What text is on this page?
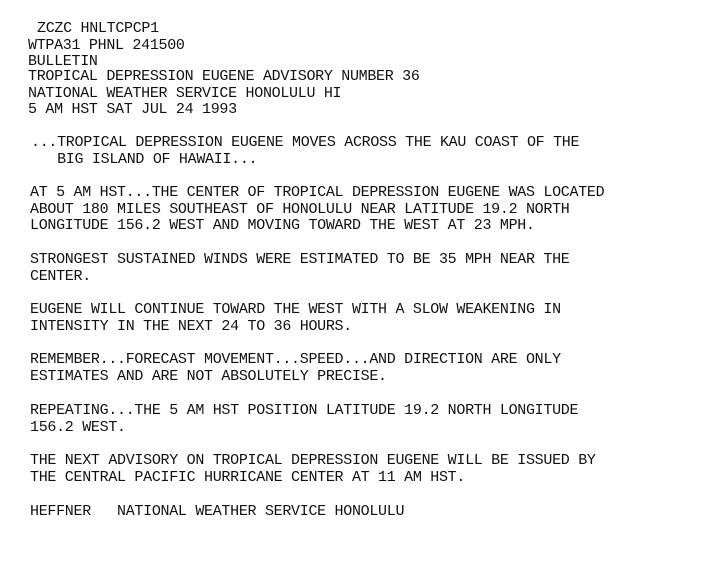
ZCZC HNLTCPCP1
WTPA31 PHNL 241500
BULLETIN
TROPICAL DEPRESSION EUGENE ADVISORY NUMBER 36
NATIONAL WEATHER SERVICE HONOLULU HI
5 AM HST SAT JUL 24 1993
...TROPICAL DEPRESSION EUGENE MOVES ACROSS THE KAU COAST OF THE
BIG ISLAND OF HAWAII...
AT 5 AM HST...THE CENTER OF TROPICAL DEPRESSION EUGENE WAS LOCATED
ABOUT 180 MILES SOUTHEAST OF HONOLULU NEAR LATITUDE 19.2 NORTH
LONGITUDE 156.2 WEST AND MOVING TOWARD THE WEST AT 23 MPH.
STRONGEST SUSTAINED WINDS WERE ESTIMATED TO BE 35 MPH NEAR THE
CENTER.
EUGENE WILL CONTINUE TOWARD THE WEST WITH A SLOW WEAKENING IN
INTENSITY IN THE NEXT 24 TO 36 HOURS.
REMEMBER...FORECAST MOVEMENT...SPEED...AND DIRECTION ARE ONLY
ESTIMATES AND ARE NOT ABSOLUTELY PRECISE.
REPEATING...THE 5 AM HST POSITION LATITUDE 19.2 NORTH LONGITUDE
156.2 WEST.
THE NEXT ADVISORY ON TROPICAL DEPRESSION EUGENE WILL BE ISSUED BY
THE CENTRAL PACIFIC HURRICANE CENTER AT 11 AM HST.
HEFFNER   NATIONAL WEATHER SERVICE HONOLULU
